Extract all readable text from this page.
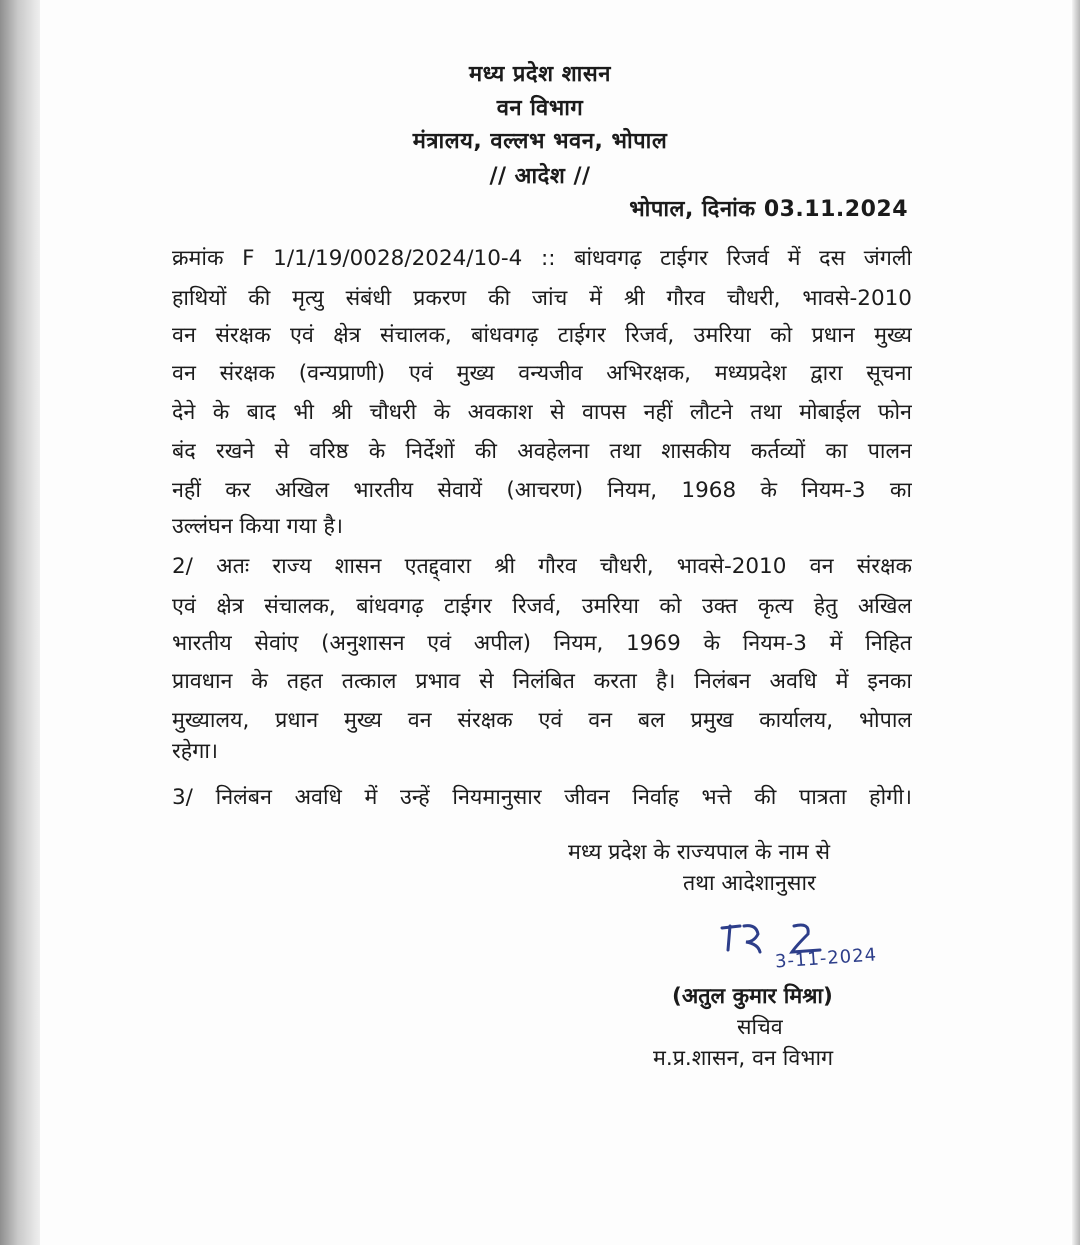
मध्य प्रदेश शासन
वन विभाग
मंत्रालय, वल्लभ भवन, भोपाल
// आदेश //
भोपाल, दिनांक 03.11.2024
क्रमांक F 1/1/19/0028/2024/10-4 :: बांधवगढ़ टाईगर रिजर्व में दस जंगली
हाथियों की मृत्यु संबंधी प्रकरण की जांच में श्री गौरव चौधरी, भावसे-2010
वन संरक्षक एवं क्षेत्र संचालक, बांधवगढ़ टाईगर रिजर्व, उमरिया को प्रधान मुख्य
वन संरक्षक (वन्यप्राणी) एवं मुख्य वन्यजीव अभिरक्षक, मध्यप्रदेश द्वारा सूचना
देने के बाद भी श्री चौधरी के अवकाश से वापस नहीं लौटने तथा मोबाईल फोन
बंद रखने से वरिष्ठ के निर्देशों की अवहेलना तथा शासकीय कर्तव्यों का पालन
नहीं कर अखिल भारतीय सेवायें (आचरण) नियम, 1968 के नियम-3 का
उल्लंघन किया गया है।
2/ अतः राज्य शासन एतद्द्वारा श्री गौरव चौधरी, भावसे-2010 वन संरक्षक
एवं क्षेत्र संचालक, बांधवगढ़ टाईगर रिजर्व, उमरिया को उक्त कृत्य हेतु अखिल
भारतीय सेवांए (अनुशासन एवं अपील) नियम, 1969 के नियम-3 में निहित
प्रावधान के तहत तत्काल प्रभाव से निलंबित करता है। निलंबन अवधि में इनका
मुख्यालय, प्रधान मुख्य वन संरक्षक एवं वन बल प्रमुख कार्यालय, भोपाल
रहेगा।
3/ निलंबन अवधि में उन्हें नियमानुसार जीवन निर्वाह भत्ते की पात्रता होगी।
मध्य प्रदेश के राज्यपाल के नाम से
तथा आदेशानुसार
3-11-2024
(अतुल कुमार मिश्रा)
सचिव
म.प्र.शासन, वन विभाग
